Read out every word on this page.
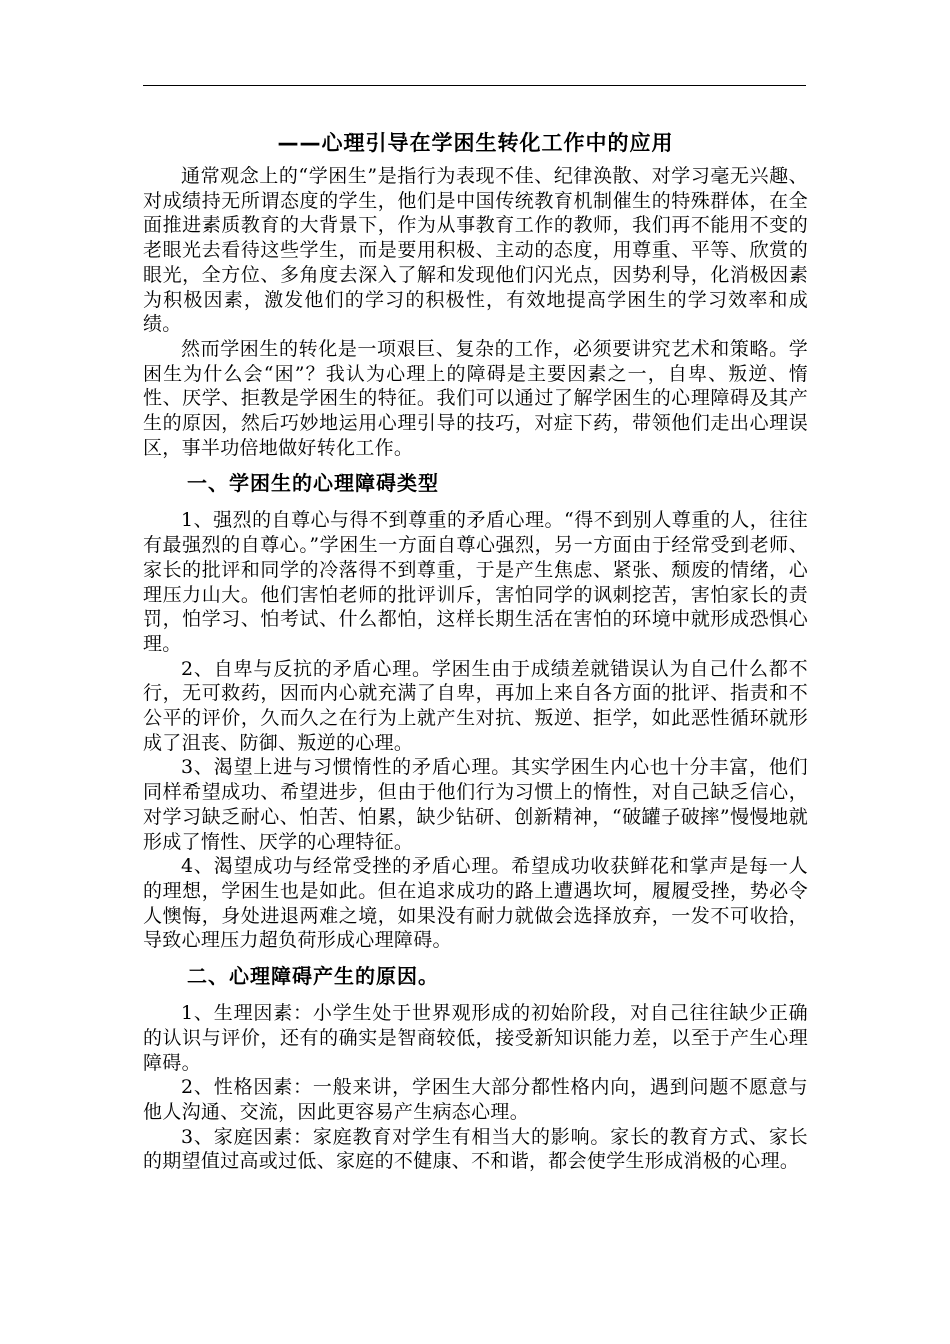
——心理引导在学困生转化工作中的应用

通常观念上的“学困生”是指行为表现不佳、纪律涣散、对学习毫无兴趣、对成绩持无所谓态度的学生，他们是中国传统教育机制催生的特殊群体，在全面推进素质教育的大背景下，作为从事教育工作的教师，我们再不能用不变的老眼光去看待这些学生，而是要用积极、主动的态度，用尊重、平等、欣赏的眼光，全方位、多角度去深入了解和发现他们闪光点，因势利导，化消极因素为积极因素，激发他们的学习的积极性，有效地提高学困生的学习效率和成绩。

然而学困生的转化是一项艰巨、复杂的工作，必须要讲究艺术和策略。学困生为什么会“困”？我认为心理上的障碍是主要因素之一，自卑、叛逆、惰性、厌学、拒教是学困生的特征。我们可以通过了解学困生的心理障碍及其产生的原因，然后巧妙地运用心理引导的技巧，对症下药，带领他们走出心理误区，事半功倍地做好转化工作。

一、学困生的心理障碍类型

1、强烈的自尊心与得不到尊重的矛盾心理。“得不到别人尊重的人，往往有最强烈的自尊心。”学困生一方面自尊心强烈，另一方面由于经常受到老师、家长的批评和同学的冷落得不到尊重，于是产生焦虑、紧张、颓废的情绪，心理压力山大。他们害怕老师的批评训斥，害怕同学的讽刺挖苦，害怕家长的责罚，怕学习、怕考试、什么都怕，这样长期生活在害怕的环境中就形成恐惧心理。

2、自卑与反抗的矛盾心理。学困生由于成绩差就错误认为自己什么都不行，无可救药，因而内心就充满了自卑，再加上来自各方面的批评、指责和不公平的评价，久而久之在行为上就产生对抗、叛逆、拒学，如此恶性循环就形成了沮丧、防御、叛逆的心理。

3、渴望上进与习惯惰性的矛盾心理。其实学困生内心也十分丰富，他们同样希望成功、希望进步，但由于他们行为习惯上的惰性，对自己缺乏信心，对学习缺乏耐心、怕苦、怕累，缺少钻研、创新精神，“破罐子破摔”慢慢地就形成了惰性、厌学的心理特征。

4、渴望成功与经常受挫的矛盾心理。希望成功收获鲜花和掌声是每一人的理想，学困生也是如此。但在追求成功的路上遭遇坎坷，履履受挫，势必令人懊悔，身处进退两难之境，如果没有耐力就做会选择放弃，一发不可收拾，导致心理压力超负荷形成心理障碍。

二、心理障碍产生的原因。

1、生理因素：小学生处于世界观形成的初始阶段，对自己往往缺少正确的认识与评价，还有的确实是智商较低，接受新知识能力差，以至于产生心理障碍。

2、性格因素：一般来讲，学困生大部分都性格内向，遇到问题不愿意与他人沟通、交流，因此更容易产生病态心理。

3、家庭因素：家庭教育对学生有相当大的影响。家长的教育方式、家长的期望值过高或过低、家庭的不健康、不和谐，都会使学生形成消极的心理。
